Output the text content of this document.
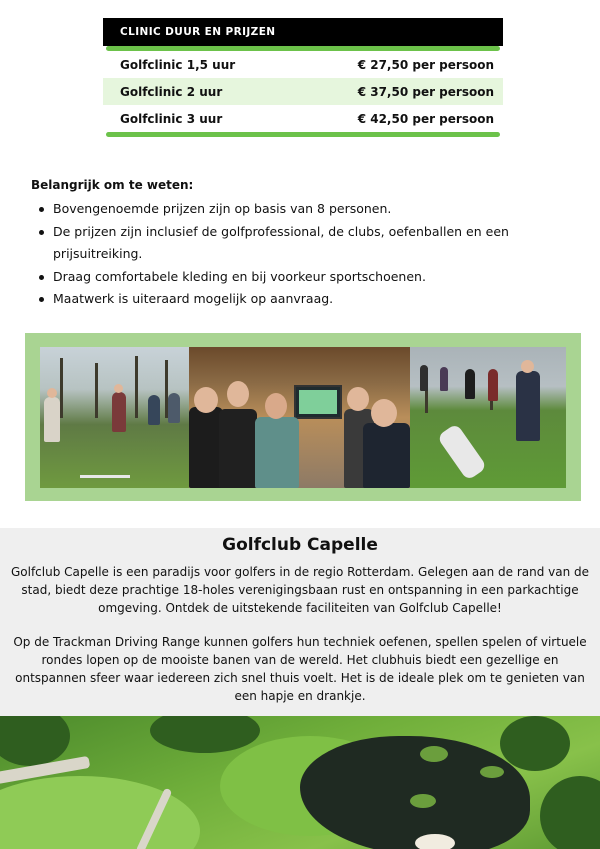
CLINIC DUUR EN PRIJZEN
Golfclinic 1,5 uur	€ 27,50 per persoon
Golfclinic 2 uur	€ 37,50 per persoon
Golfclinic 3 uur	€ 42,50 per persoon
Belangrijk om te weten:
Bovengenoemde prijzen zijn op basis van 8 personen.
De prijzen zijn inclusief de golfprofessional, de clubs, oefenballen en een prijsuitreiking.
Draag comfortabele kleding en bij voorkeur sportschoenen.
Maatwerk is uiteraard mogelijk op aanvraag.
Golfclub Capelle

Golfclub Capelle is een paradijs voor golfers in de regio Rotterdam. Gelegen aan de rand van de stad, biedt deze prachtige 18-holes verenigingsbaan rust en ontspanning in een parkachtige omgeving. Ontdek de uitstekende faciliteiten van Golfclub Capelle!

Op de Trackman Driving Range kunnen golfers hun techniek oefenen, spellen spelen of virtuele rondes lopen op de mooiste banen van de wereld. Het clubhuis biedt een gezellige en ontspannen sfeer waar iedereen zich snel thuis voelt. Het is de ideale plek om te genieten van een hapje en drankje.
